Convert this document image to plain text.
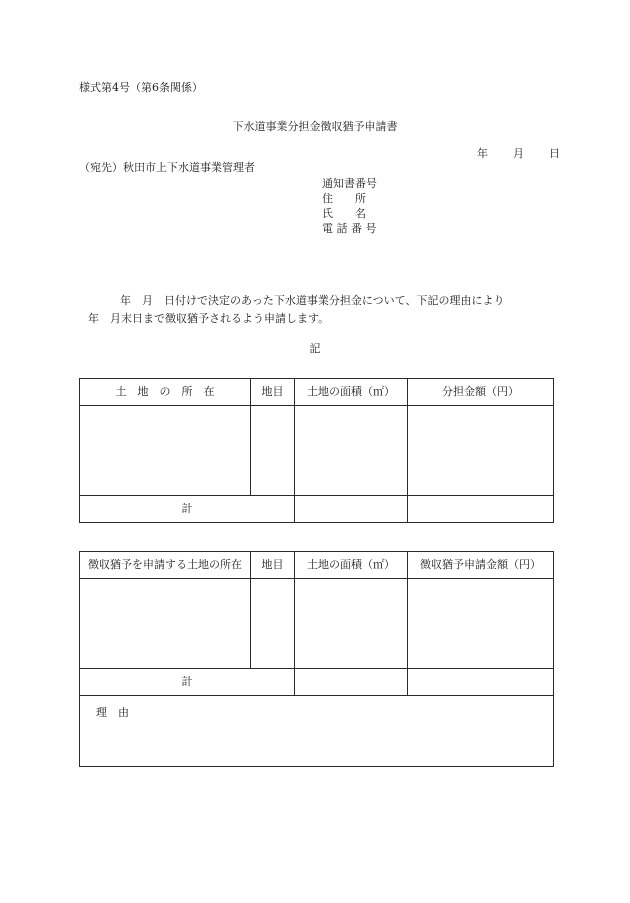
様式第4号（第6条関係）
下水道事業分担金徴収猶予申請書
年 月 日
（宛先）秋田市上下水道事業管理者
通知書番号
住　　所
氏　　名
電 話 番 号
年　月　日付けで決定のあった下水道事業分担金について、下記の理由により
年　月末日まで徴収猶予されるよう申請します。
記
土　地　の　所　在	地目	土地の面積（㎡）	分担金額（円）

計			
徴収猶予を申請する土地の所在	地目	土地の面積（㎡）	徴収猶予申請金額（円）

計			
理　由			
